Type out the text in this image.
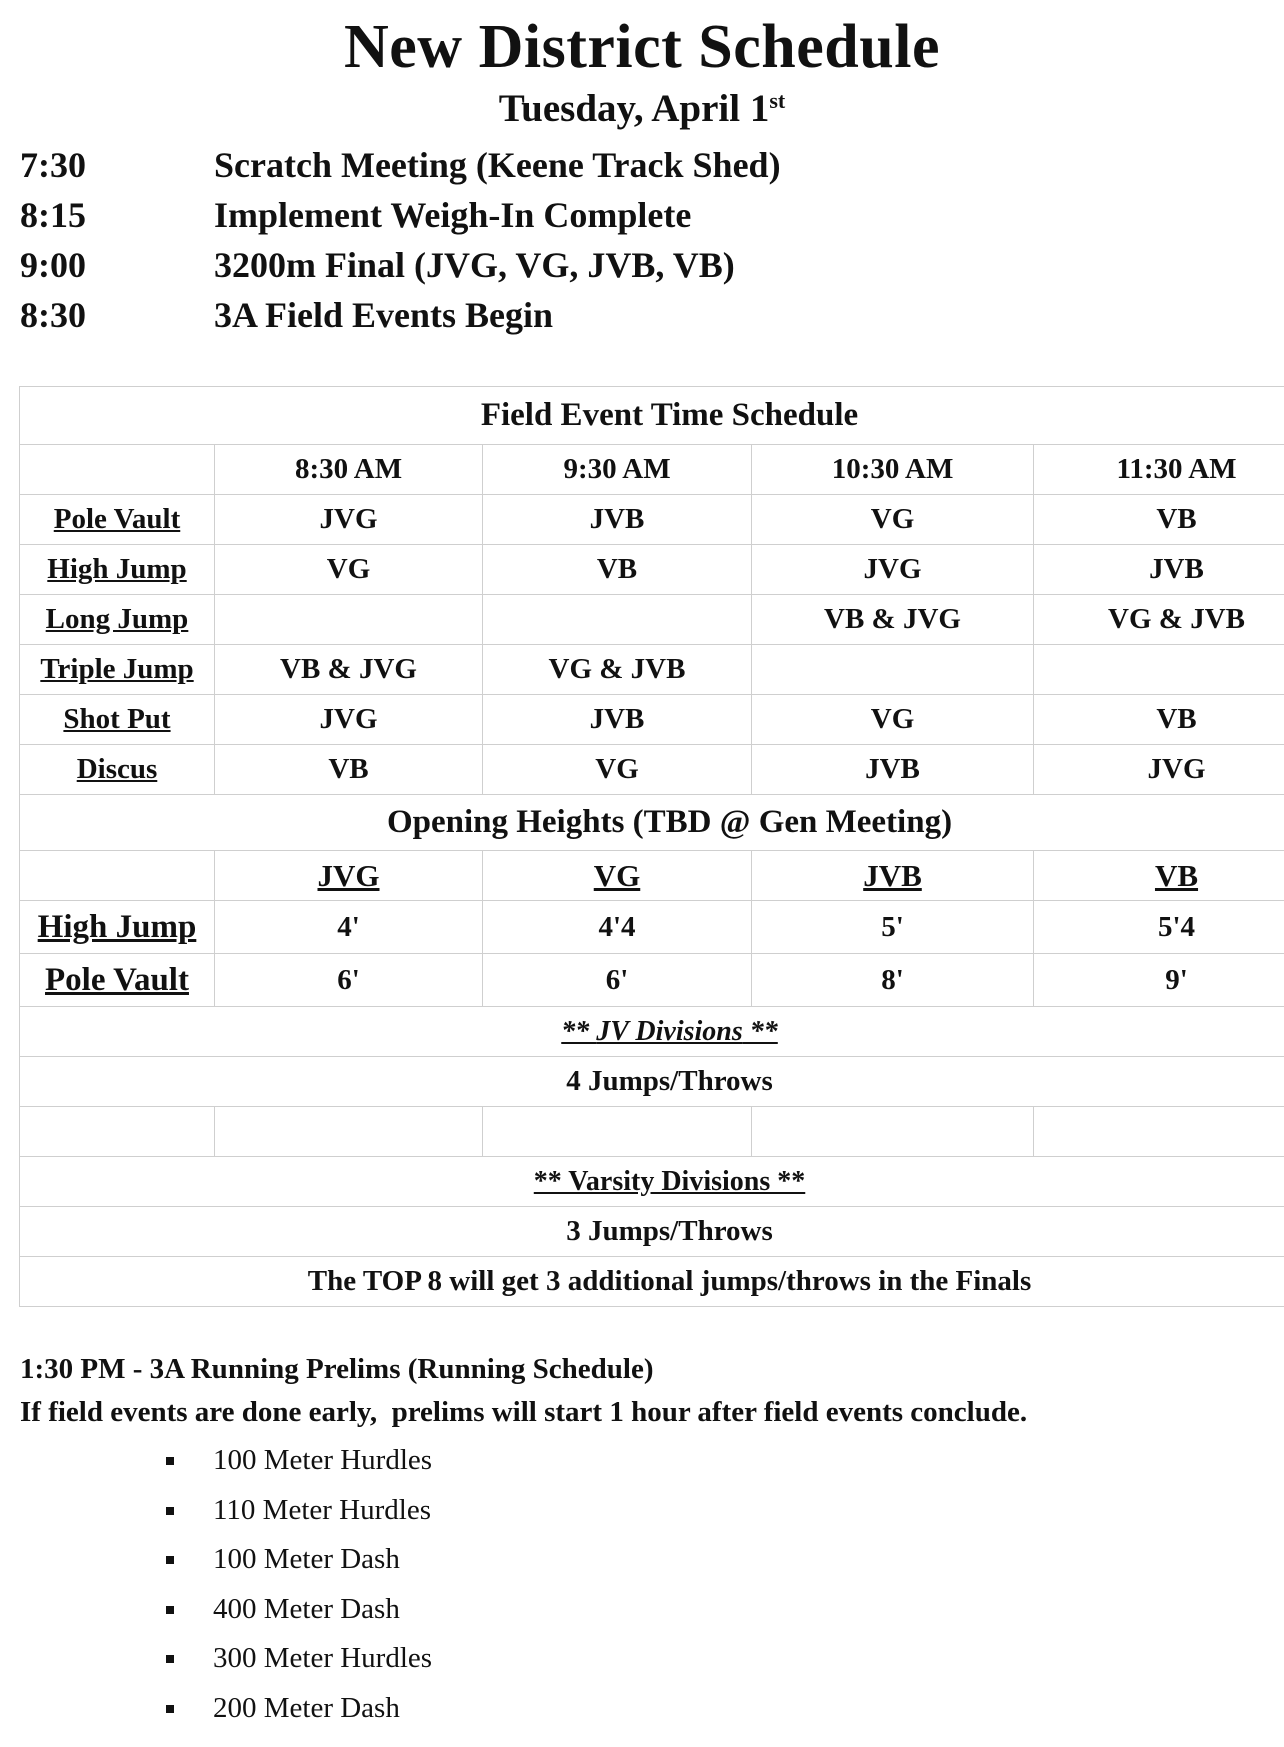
New District Schedule
Tuesday, April 1st
7:30	Scratch Meeting (Keene Track Shed)
8:15	Implement Weigh-In Complete
9:00	3200m Final (JVG, VG, JVB, VB)
8:30	3A Field Events Begin
Field Event Time Schedule				
	8:30 AM	9:30 AM	10:30 AM	11:30 AM
Pole Vault	JVG	JVB	VG	VB
High Jump	VG	VB	JVG	JVB
Long Jump			VB & JVG	VG & JVB
Triple Jump	VB & JVG	VG & JVB		
Shot Put	JVG	JVB	VG	VB
Discus	VB	VG	JVB	JVG
Opening Heights (TBD @ Gen Meeting)				
	JVG	VG	JVB	VB
High Jump	4'	4'4	5'	5'4
Pole Vault	6'	6'	8'	9'
** JV Divisions **				
4 Jumps/Throws				

** Varsity Divisions **				
3 Jumps/Throws				
The TOP 8 will get 3 additional jumps/throws in the Finals				
1:30 PM - 3A Running Prelims (Running Schedule)
If field events are done early,  prelims will start 1 hour after field events conclude.
100 Meter Hurdles
110 Meter Hurdles
100 Meter Dash
400 Meter Dash
300 Meter Hurdles
200 Meter Dash
